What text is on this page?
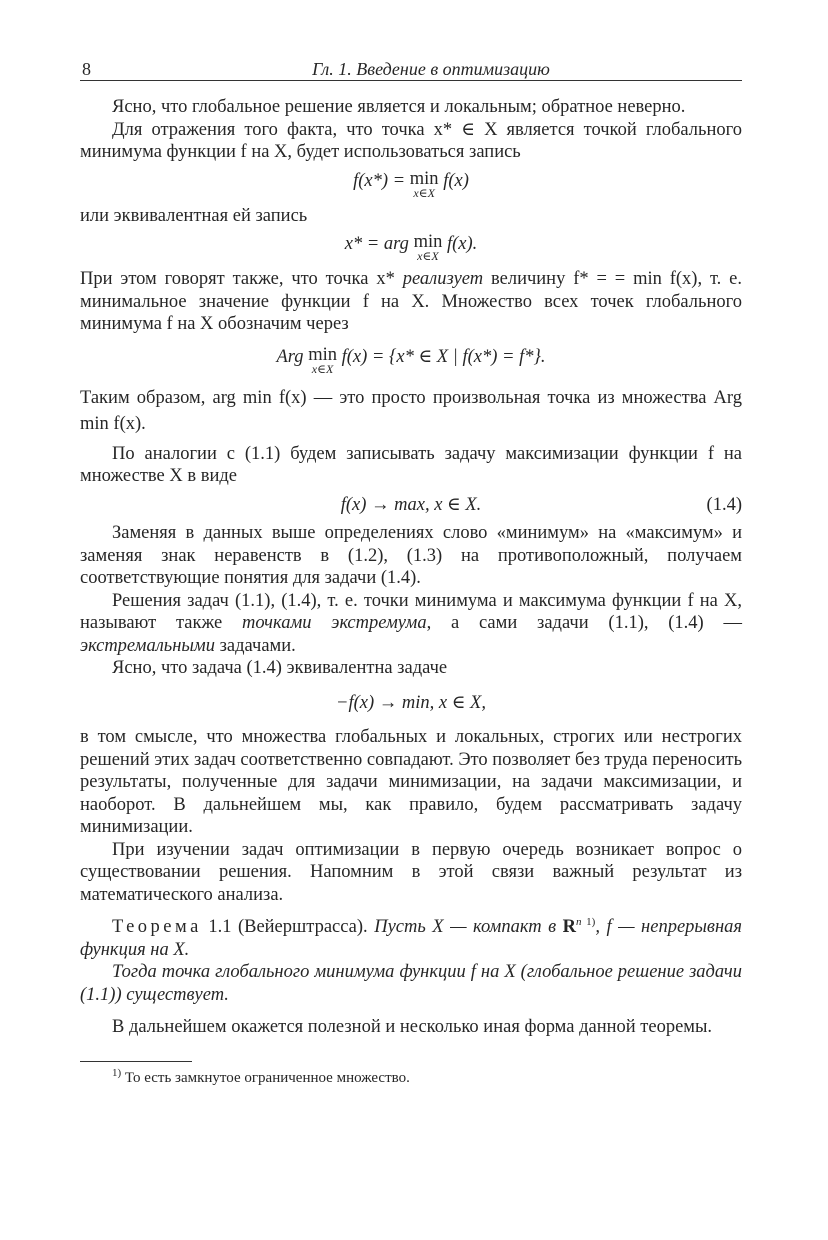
8	Гл. 1. Введение в оптимизацию

Ясно, что глобальное решение является и локальным; обратное неверно.

Для отражения того факта, что точка x* ∈ X является точкой глобального минимума функции f на X, будет использоваться запись

f(x*) = min
x∈X
f(x)

или эквивалентная ей запись

x* = arg min
x∈X
f(x).

При этом говорят также, что точка x* реализует величину f* = = min f(x), т. е. минимальное значение функции f на X. Множество всех точек глобального минимума f на X обозначим через

Arg min
x∈X
f(x) = {x* ∈ X | f(x*) = f*}.

Таким образом, arg min f(x) — это просто произвольная точка из множества Arg min f(x).

По аналогии с (1.1) будем записывать задачу максимизации функции f на множестве X в виде

f(x) → max, x ∈ X.	(1.4)

Заменяя в данных выше определениях слово «минимум» на «максимум» и заменяя знак неравенств в (1.2), (1.3) на противоположный, получаем соответствующие понятия для задачи (1.4).

Решения задач (1.1), (1.4), т. е. точки минимума и максимума функции f на X, называют также точками экстремума, а сами задачи (1.1), (1.4) — экстремальными задачами.

Ясно, что задача (1.4) эквивалентна задаче

−f(x) → min, x ∈ X,

в том смысле, что множества глобальных и локальных, строгих или нестрогих решений этих задач соответственно совпадают. Это позволяет без труда переносить результаты, полученные для задачи минимизации, на задачи максимизации, и наоборот. В дальнейшем мы, как правило, будем рассматривать задачу минимизации.

При изучении задач оптимизации в первую очередь возникает вопрос о существовании решения. Напомним в этой связи важный результат из математического анализа.

Теорема 1.1 (Вейерштрасса). Пусть X — компакт в $R^{n 1)}$, f — непрерывная функция на X.

Тогда точка глобального минимума функции f на X (глобальное решение задачи (1.1)) существует.

В дальнейшем окажется полезной и несколько иная форма данной теоремы.

$^{1)}$ То есть замкнутое ограниченное множество.
